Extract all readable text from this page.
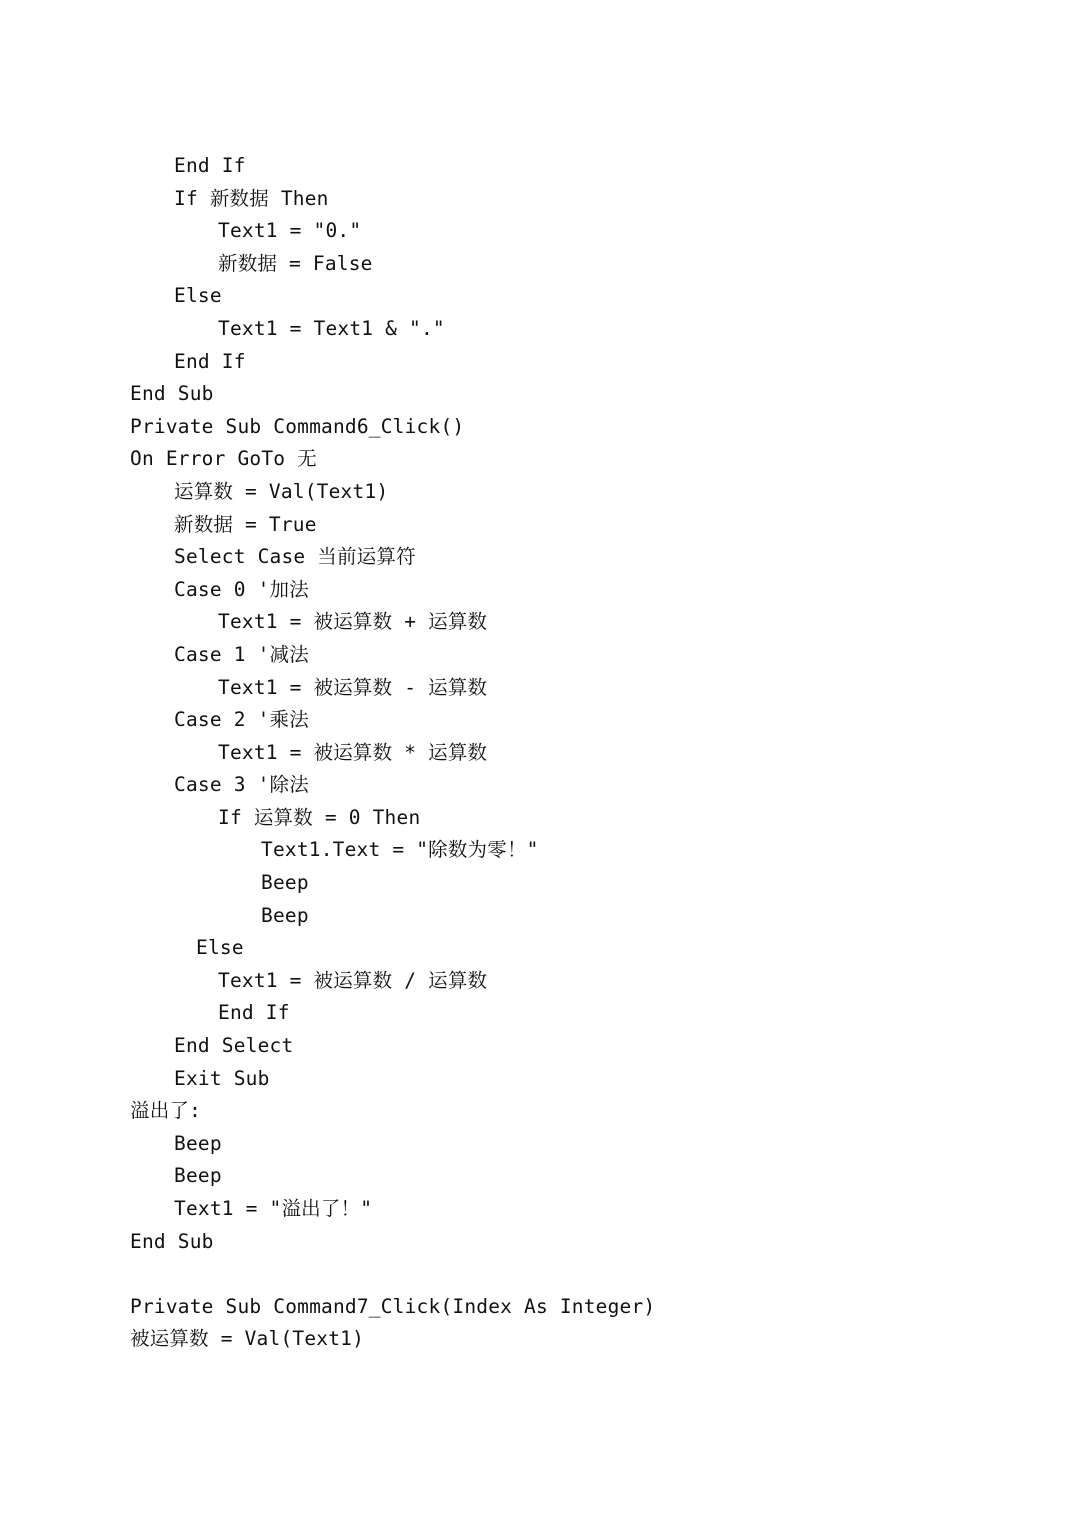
End If
If 新数据 Then
Text1 = "0."
新数据 = False
Else
Text1 = Text1 & "."
End If
End Sub
Private Sub Command6_Click()
On Error GoTo 无
运算数 = Val(Text1)
新数据 = True
Select Case 当前运算符
Case 0 '加法
Text1 = 被运算数 + 运算数
Case 1 '减法
Text1 = 被运算数 - 运算数
Case 2 '乘法
Text1 = 被运算数 * 运算数
Case 3 '除法
If 运算数 = 0 Then
Text1.Text = "除数为零！"
Beep
Beep
Else
Text1 = 被运算数 / 运算数
End If
End Select
Exit Sub
溢出了:
Beep
Beep
Text1 = "溢出了！"
End Sub
Private Sub Command7_Click(Index As Integer)
被运算数 = Val(Text1)
